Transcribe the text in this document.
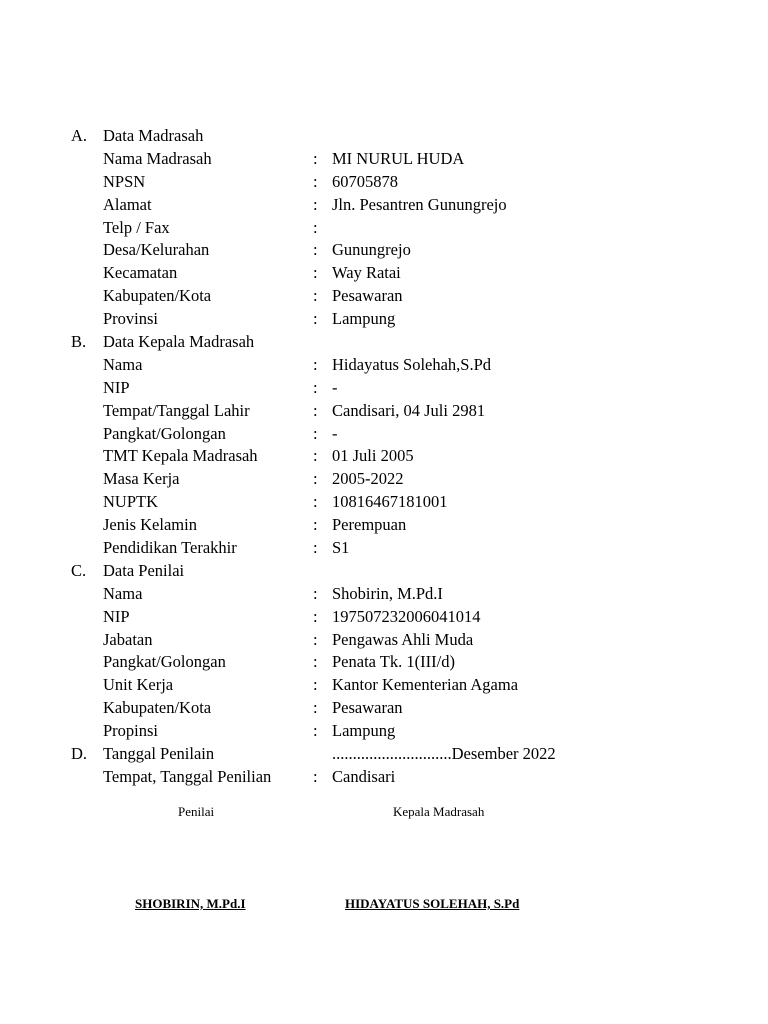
A. Data Madrasah
Nama Madrasah	: MI NURUL HUDA
NPSN	: 60705878
Alamat	: Jln. Pesantren Gunungrejo
Telp / Fax	:
Desa/Kelurahan	: Gunungrejo
Kecamatan	: Way Ratai
Kabupaten/Kota	: Pesawaran
Provinsi	: Lampung
B. Data Kepala Madrasah
Nama	: Hidayatus Solehah,S.Pd
NIP	: -
Tempat/Tanggal Lahir	: Candisari, 04 Juli 2981
Pangkat/Golongan	: -
TMT Kepala Madrasah	: 01 Juli 2005
Masa Kerja	: 2005-2022
NUPTK	: 10816467181001
Jenis Kelamin	: Perempuan
Pendidikan Terakhir	: S1
C. Data Penilai
Nama	: Shobirin, M.Pd.I
NIP	: 197507232006041014
Jabatan	: Pengawas Ahli Muda
Pangkat/Golongan	: Penata Tk. 1(III/d)
Unit Kerja	: Kantor Kementerian Agama
Kabupaten/Kota	: Pesawaran
Propinsi	: Lampung
D. Tanggal Penilain	.............................Desember 2022
Tempat, Tanggal Penilian	: Candisari
Penilai	Kepala Madrasah
SHOBIRIN, M.Pd.I	HIDAYATUS SOLEHAH, S.Pd
